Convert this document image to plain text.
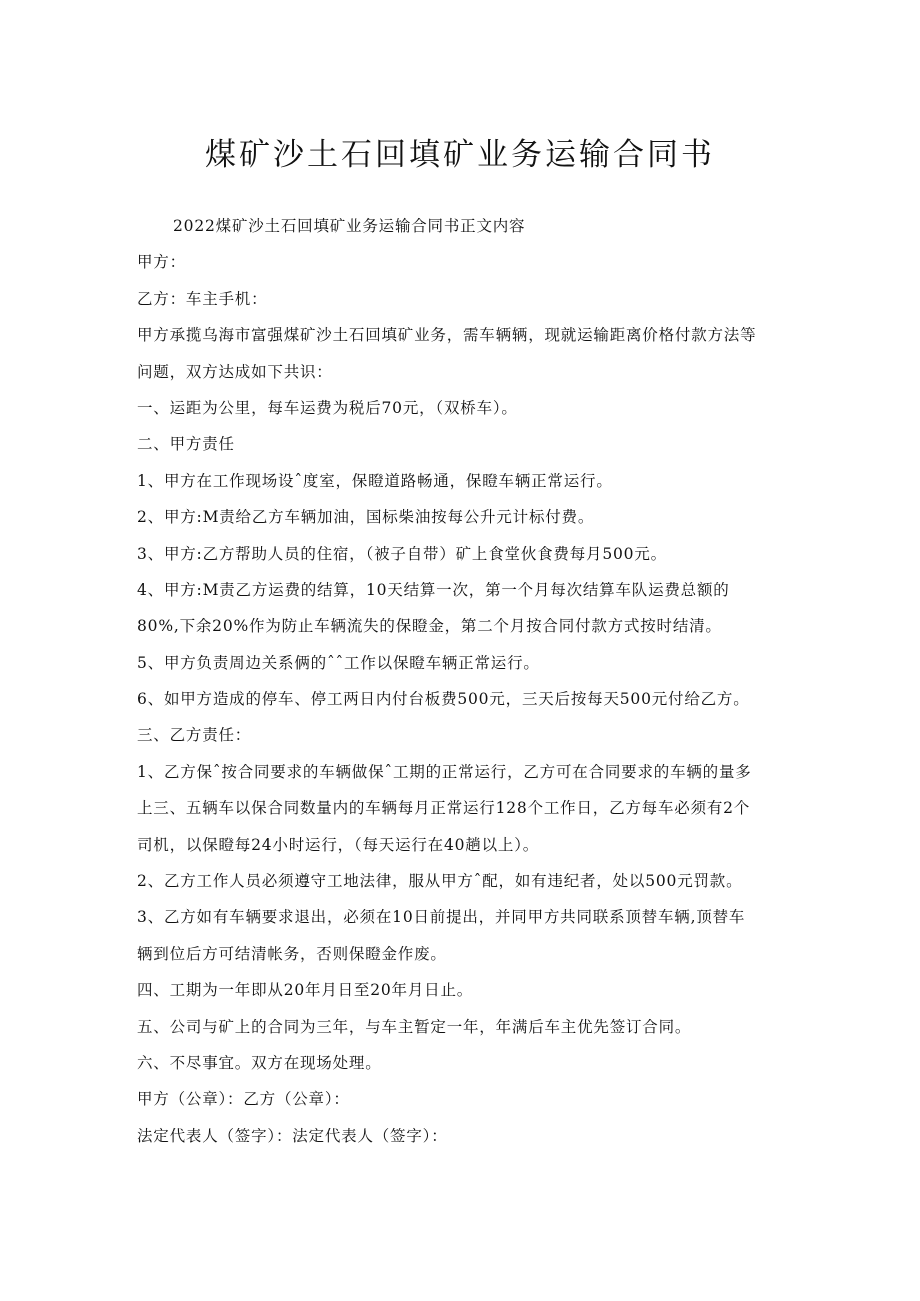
煤矿沙土石回填矿业务运输合同书
2022煤矿沙土石回填矿业务运输合同书正文内容
甲方：
乙方：车主手机：
甲方承揽乌海市富强煤矿沙土石回填矿业务，需车辆辆，现就运输距离价格付款方法等
问题，双方达成如下共识：
一、运距为公里，每车运费为税后70元，（双桥车）。
二、甲方责任
1、甲方在工作现场设ˆ度室，保瞪道路畅通，保瞪车辆正常运行。
2、甲方:M责给乙方车辆加油，国标柴油按每公升元计标付费。
3、甲方:乙方帮助人员的住宿，（被子自带）矿上食堂伙食费每月500元。
4、甲方:M责乙方运费的结算，10天结算一次，第一个月每次结算车队运费总额的
80%,下余20%作为防止车辆流失的保瞪金，第二个月按合同付款方式按时结清。
5、甲方负责周边关系俩的ˆˆ工作以保瞪车辆正常运行。
6、如甲方造成的停车、停工两日内付台板费500元，三天后按每天500元付给乙方。
三、乙方责任：
1、乙方保ˆ按合同要求的车辆做保ˆ工期的正常运行，乙方可在合同要求的车辆的量多
上三、五辆车以保合同数量内的车辆每月正常运行128个工作日，乙方每车必须有2个
司机，以保瞪每24小时运行，（每天运行在40趟以上）。
2、乙方工作人员必须遵守工地法律，服从甲方ˆ配，如有违纪者，处以500元罚款。
3、乙方如有车辆要求退出，必须在10日前提出，并同甲方共同联系顶替车辆,顶替车
辆到位后方可结清帐务，否则保瞪金作废。
四、工期为一年即从20年月日至20年月日止。
五、公司与矿上的合同为三年，与车主暂定一年，年满后车主优先签订合同。
六、不尽事宜。双方在现场处理。
甲方（公章）：乙方（公章）：
法定代表人（签字）：法定代表人（签字）：
